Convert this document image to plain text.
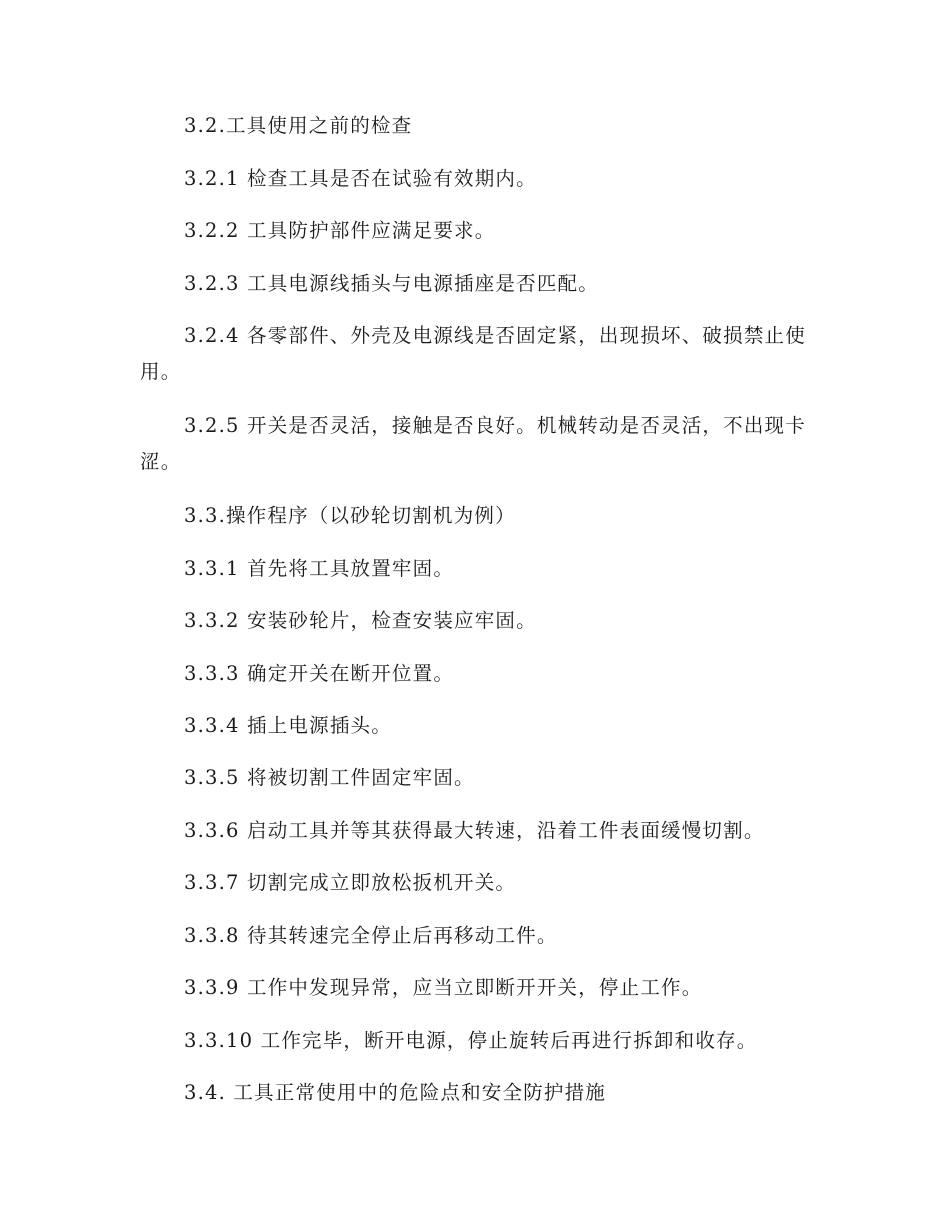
3.2.工具使用之前的检查

3.2.1 检查工具是否在试验有效期内。

3.2.2 工具防护部件应满足要求。

3.2.3 工具电源线插头与电源插座是否匹配。

3.2.4 各零部件、外壳及电源线是否固定紧，出现损坏、破损禁止使用。

3.2.5 开关是否灵活，接触是否良好。机械转动是否灵活，不出现卡涩。

3.3.操作程序（以砂轮切割机为例）

3.3.1 首先将工具放置牢固。

3.3.2 安装砂轮片，检查安装应牢固。

3.3.3 确定开关在断开位置。

3.3.4 插上电源插头。

3.3.5 将被切割工件固定牢固。

3.3.6 启动工具并等其获得最大转速，沿着工件表面缓慢切割。

3.3.7 切割完成立即放松扳机开关。

3.3.8 待其转速完全停止后再移动工件。

3.3.9 工作中发现异常，应当立即断开开关，停止工作。

3.3.10 工作完毕，断开电源，停止旋转后再进行拆卸和收存。

3.4. 工具正常使用中的危险点和安全防护措施
